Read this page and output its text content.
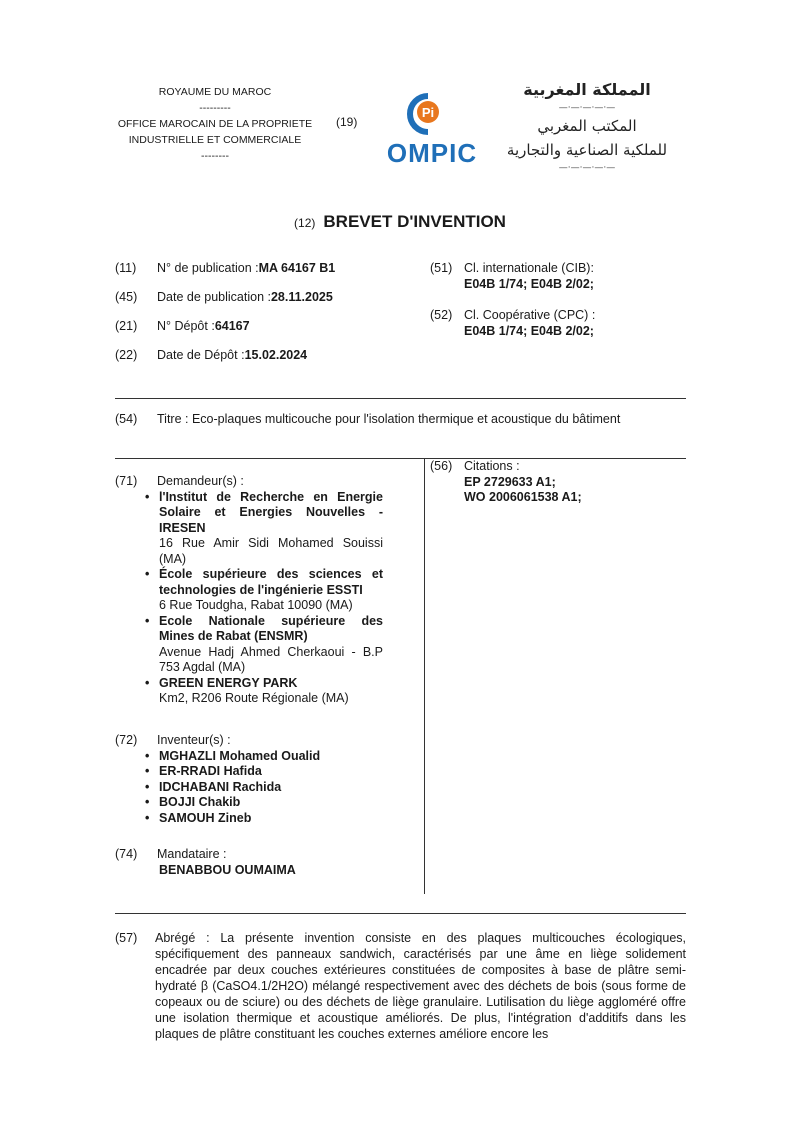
ROYAUME DU MAROC
---------
OFFICE MAROCAIN DE LA PROPRIETE
INDUSTRIELLE ET COMMERCIALE
--------
(19)
Pi
OMPIC
المملكة المغربية
—·—·—·—·—
المكتب المغربي
للملكية الصناعية والتجارية
—·—·—·—·—
(12) BREVET D'INVENTION
(11) N° de publication :MA 64167 B1
(45) Date de publication :28.11.2025
(21) N° Dépôt :64167
(22) Date de Dépôt :15.02.2024
(51) Cl. internationale (CIB):
E04B 1/74; E04B 2/02;
(52) Cl. Coopérative (CPC) :
E04B 1/74; E04B 2/02;
(54) Titre : Eco-plaques multicouche pour l'isolation thermique et acoustique du bâtiment
(71) Demandeur(s) :
• l'Institut de Recherche en Energie Solaire et Energies Nouvelles - IRESEN
16 Rue Amir Sidi Mohamed Souissi (MA)
• École supérieure des sciences et technologies de l'ingénierie ESSTI
6 Rue Toudgha, Rabat 10090 (MA)
• Ecole Nationale supérieure des Mines de Rabat (ENSMR)
Avenue Hadj Ahmed Cherkaoui - B.P 753 Agdal (MA)
• GREEN ENERGY PARK
Km2, R206 Route Régionale (MA)
(72) Inventeur(s) :
• MGHAZLI Mohamed Oualid
• ER-RRADI Hafida
• IDCHABANI Rachida
• BOJJI Chakib
• SAMOUH Zineb
(74) Mandataire :
BENABBOU OUMAIMA
(56) Citations :
EP 2729633 A1;
WO 2006061538 A1;
(57)	Abrégé : La présente invention consiste en des plaques multicouches écologiques, spécifiquement des panneaux sandwich, caractérisés par une âme en liège solidement encadrée par deux couches extérieures constituées de composites à base de plâtre semi-hydraté β (CaSO4.1/2H2O) mélangé respectivement avec des déchets de bois (sous forme de copeaux ou de sciure) ou des déchets de liège granulaire. Lutilisation du liège aggloméré offre une isolation thermique et acoustique améliorés. De plus, l'intégration d'additifs dans les plaques de plâtre constituant les couches externes améliore encore les
